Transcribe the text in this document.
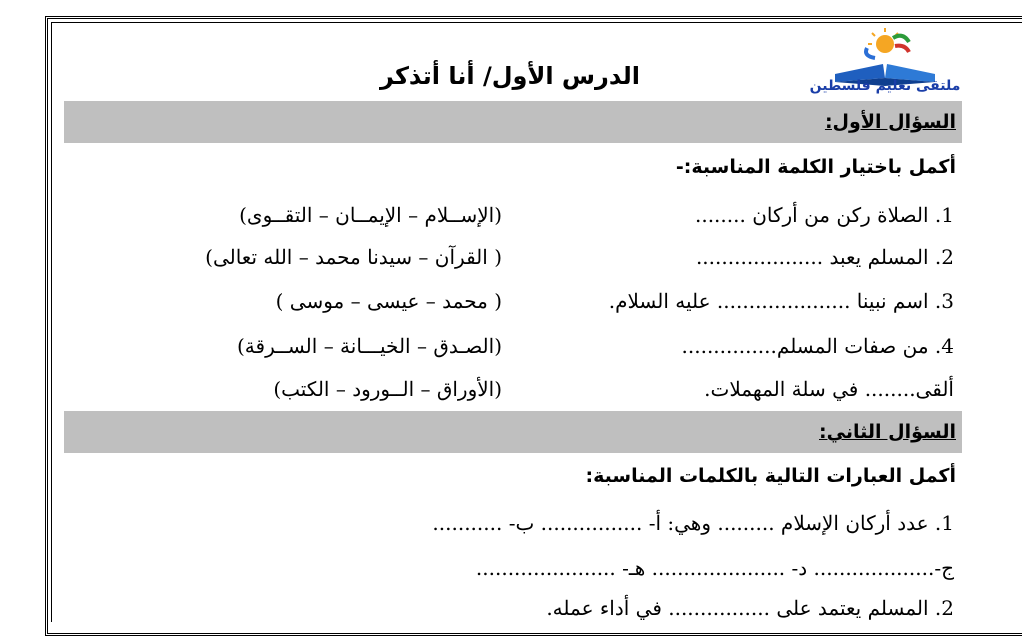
ملتقى تعليم فلسطين
الدرس الأول/ أنا أتذكر
السؤال الأول:
أكمل باختيار الكلمة المناسبة:-
1. الصلاة ركن من أركان ........
(الإســلام – الإيمــان – التقــوى)
2. المسلم يعبد ....................
( القرآن – سيدنا محمد – الله تعالى)
3. اسم نبينا ..................... عليه السلام.
( محمد – عيسى – موسى )
4. من صفات المسلم...............
(الصـدق – الخيـــانة – الســرقة)
ألقى........ في سلة المهملات.
(الأوراق – الــورود – الكتب)
السؤال الثاني:
أكمل العبارات التالية بالكلمات المناسبة:
1. عدد أركان الإسلام ......... وهي: أ- ................ ب- ...........
ج-................... د- ..................... هـ- ......................
2. المسلم يعتمد على ................ في أداء عمله.
